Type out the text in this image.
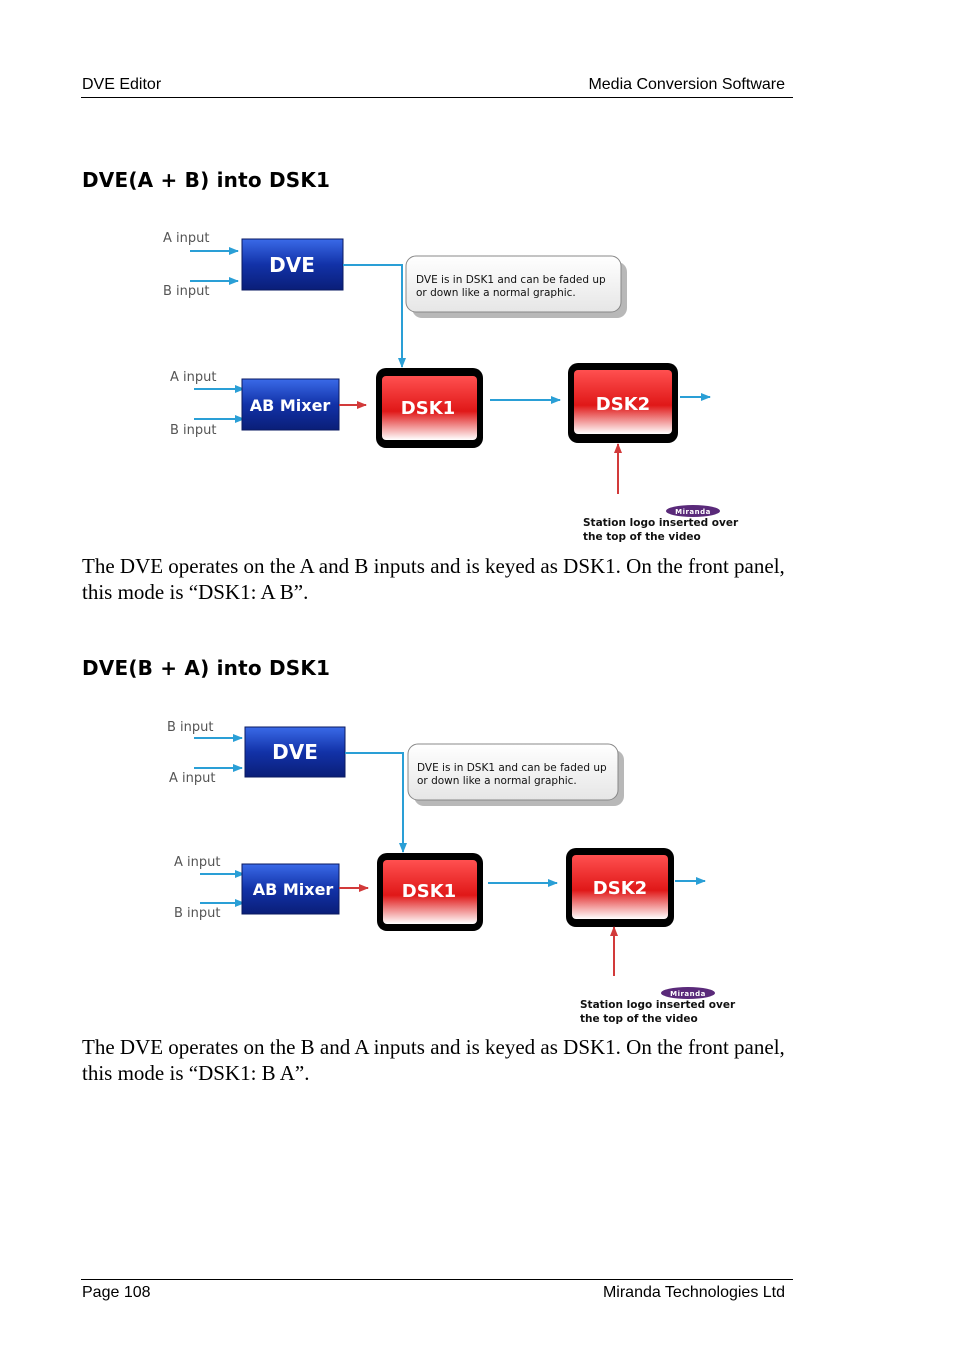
DVE Editor	Media Conversion Software
DVE(A + B) into DSK1
A input
B input
DVE
DVE is in DSK1 and can be faded up
or down like a normal graphic.
A input
B input
AB Mixer	DSK1	DSK2
Miranda
Station logo inserted over
the top of the video

The DVE operates on the A and B inputs and is keyed as DSK1. On the front panel, this mode is “DSK1: A B”.

DVE(B + A) into DSK1
B input
A input
DVE
DVE is in DSK1 and can be faded up
or down like a normal graphic.
A input
B input
AB Mixer	DSK1	DSK2
Miranda
Station logo inserted over
the top of the video

The DVE operates on the B and A inputs and is keyed as DSK1. On the front panel, this mode is “DSK1: B A”.

Page 108	Miranda Technologies Ltd
